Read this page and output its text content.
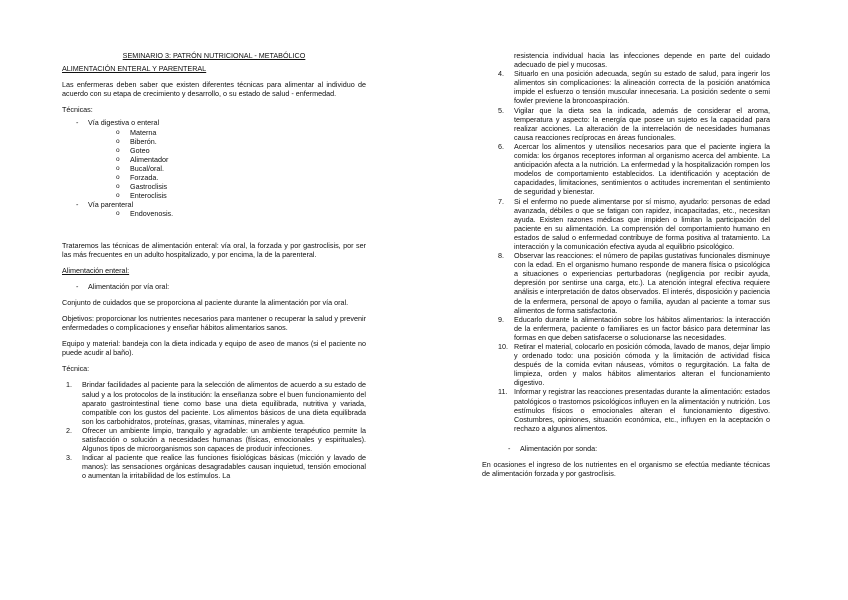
SEMINARIO 3: PATRÓN NUTRICIONAL - METABÓLICO

ALIMENTACIÓN ENTERAL Y PARENTERAL

Las enfermeras deben saber que existen diferentes técnicas para alimentar al individuo de acuerdo con su etapa de crecimiento y desarrollo, o su estado de salud - enfermedad.

Técnicas:

- Vía digestiva o enteral
o Materna
o Biberón.
o Goteo
o Alimentador
o Bucal/oral.
o Forzada.
o Gastroclisis
o Enteroclisis
- Vía parenteral
o Endovenosis.

Trataremos las técnicas de alimentación enteral: vía oral, la forzada y por gastroclisis, por ser las más frecuentes en un adulto hospitalizado, y por encima, la de la parenteral.

Alimentación enteral:

- Alimentación por vía oral:

Conjunto de cuidados que se proporciona al paciente durante la alimentación por vía oral.

Objetivos: proporcionar los nutrientes necesarios para mantener o recuperar la salud y prevenir enfermedades o complicaciones y enseñar hábitos alimentarios sanos.

Equipo y material: bandeja con la dieta indicada y equipo de aseo de manos (si el paciente no puede acudir al baño).

Técnica:

1. Brindar facilidades al paciente para la selección de alimentos de acuerdo a su estado de salud y a los protocolos de la institución: la enseñanza sobre el buen funcionamiento del aparato gastrointestinal tiene como base una dieta equilibrada, nutritiva y variada, compatible con los gustos del paciente. Los alimentos básicos de una dieta equilibrada son los carbohidratos, proteínas, grasas, vitaminas, minerales y agua.
2. Ofrecer un ambiente limpio, tranquilo y agradable: un ambiente terapéutico permite la satisfacción o solución a necesidades humanas (físicas, emocionales y espirituales). Algunos tipos de microorganismos son capaces de producir infecciones.
3. Indicar al paciente que realice las funciones fisiológicas básicas (micción y lavado de manos): las sensaciones orgánicas desagradables causan inquietud, tensión emocional o aumentan la irritabilidad de los estímulos. La

resistencia individual hacia las infecciones depende en parte del cuidado adecuado de piel y mucosas.

4. Situarlo en una posición adecuada, según su estado de salud, para ingerir los alimentos sin complicaciones: la alineación correcta de la posición anatómica impide el esfuerzo o tensión muscular innecesaria. La posición sedente o semi fowler previene la broncoaspiración.
5. Vigilar que la dieta sea la indicada, además de considerar el aroma, temperatura y aspecto: la energía que posee un sujeto es la capacidad para realizar acciones. La alteración de la interrelación de necesidades humanas causa reacciones recíprocas en áreas funcionales.
6. Acercar los alimentos y utensilios necesarios para que el paciente ingiera la comida: los órganos receptores informan al organismo acerca del ambiente. La anticipación afecta a la nutrición. La enfermedad y la hospitalización rompen los modelos de comportamiento establecidos. La identificación y aceptación de capacidades, limitaciones, sentimientos o actitudes incrementan el sentimiento de seguridad y bienestar.
7. Si el enfermo no puede alimentarse por sí mismo, ayudarlo: personas de edad avanzada, débiles o que se fatigan con rapidez, incapacitadas, etc., necesitan ayuda. Existen razones médicas que impiden o limitan la participación del paciente en su alimentación. La comprensión del comportamiento humano en estados de salud o enfermedad contribuye de forma positiva al tratamiento. La interacción y la comunicación efectiva ayuda al equilibrio psicológico.
8. Observar las reacciones: el número de papilas gustativas funcionales disminuye con la edad. En el organismo humano responde de manera física o psicológica a situaciones o experiencias perturbadoras (negligencia por recibir ayuda, depresión por sentirse una carga, etc.). La atención integral efectiva requiere análisis e interpretación de datos observados. El interés, disposición y paciencia de la enfermera, personal de apoyo o familia, ayudan al paciente a tomar sus alimentos de forma satisfactoria.
9. Educarlo durante la alimentación sobre los hábitos alimentarios: la interacción de la enfermera, paciente o familiares es un factor básico para determinar las formas en que deben satisfacerse o solucionarse las necesidades.
10. Retirar el material, colocarlo en posición cómoda, lavado de manos, dejar limpio y ordenado todo: una posición cómoda y la limitación de actividad física después de la comida evitan náuseas, vómitos o regurgitación. La falta de limpieza, orden y malos hábitos alimentarios alteran el funcionamiento digestivo.
11. Informar y registrar las reacciones presentadas durante la alimentación: estados patológicos o trastornos psicológicos influyen en la alimentación y nutrición. Los estímulos físicos o emocionales alteran el funcionamiento digestivo. Costumbres, opiniones, situación económica, etc., influyen en la aceptación o rechazo a algunos alimentos.

- Alimentación por sonda:

En ocasiones el ingreso de los nutrientes en el organismo se efectúa mediante técnicas de alimentación forzada y por gastroclisis.
